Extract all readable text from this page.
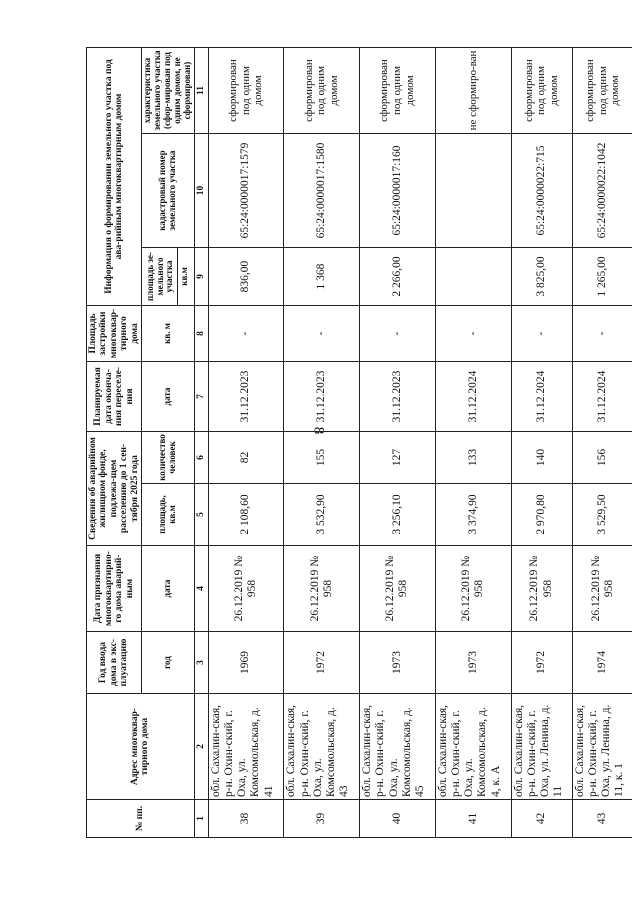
8
№ пп.	Адрес многоквар-тирного дома	Год ввода дома в экс-плуатацию	Дата признания многоквартирно-го дома аварий-ным	Сведения об аварийном жилищном фонде, подлежа-щем расселению до 1 сен-тября 2025 года		Планируемая дата оконча-ния переселе-ния	Площадь застройки многоквар-тирного дома	Информация о формировании земельного участка под ава-рийным многоквартирным домом		
		год	дата	площадь, кв.м	количество человек	дата	кв. м	площадь зе-мельного участка кв.м	кадастровый номер земельного участка	характеристика земельного участка (сфор-мирован под одним домом, не сформирован)
1	2	3	4	5	6	7	8	9	10	11
38	обл. Сахалин-ская, р-н. Охин-ский, г. Оха, ул. Комсомольская, д. 41	1969	26.12.2019 № 958	2 108,60	82	31.12.2023	-	836,00	65:24:0000017:1579	сформирован под одним домом
39	обл. Сахалин-ская, р-н. Охин-ский, г. Оха, ул. Комсомольская, д. 43	1972	26.12.2019 № 958	3 532,90	155	31.12.2023	-	1 368	65:24:0000017:1580	сформирован под одним домом
40	обл. Сахалин-ская, р-н. Охин-ский, г. Оха, ул. Комсомольская, д. 45	1973	26.12.2019 № 958	3 256,10	127	31.12.2023	-	2 266,00	65:24:0000017:160	сформирован под одним домом
41	обл. Сахалин-ская, р-н. Охин-ский, г. Оха, ул. Комсомольская, д. 4, к. А	1973	26.12.2019 № 958	3 374,90	133	31.12.2024	-			не сформиро-ван
42	обл. Сахалин-ская, р-н. Охин-ский, г. Оха, ул. Ленина, д. 11	1972	26.12.2019 № 958	2 970,80	140	31.12.2024	-	3 825,00	65:24:0000022:715	сформирован под одним домом
43	обл. Сахалин-ская, р-н. Охин-ский, г. Оха, ул. Ленина, д. 11, к. 1	1974	26.12.2019 № 958	3 529,50	156	31.12.2024	-	1 265,00	65:24:0000022:1042	сформирован под одним домом
